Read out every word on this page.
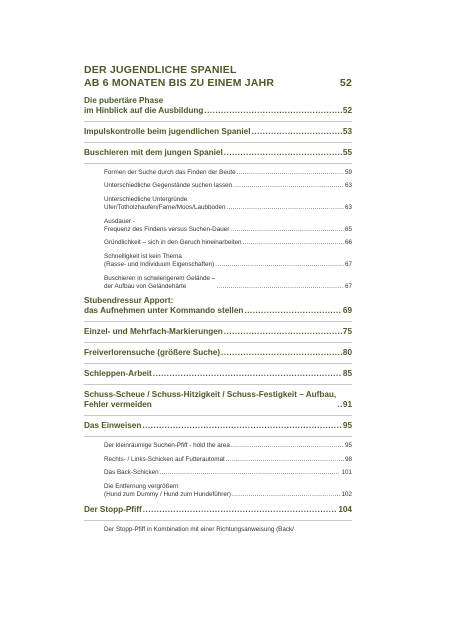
DER JUGENDLICHE SPANIEL
AB 6 MONATEN BIS ZU EINEM JAHR	52
Die pubertäre Phase
im Hinblick auf die Ausbildung .....	52
Impulskontrolle beim jugendlichen Spaniel .....	53
Buschieren mit dem jungen Spaniel .....	55
Formen der Suche durch das Finden der Beute .....	59
Unterschiedliche Gegenstände suchen lassen .....	63
Unterschiedliche Untergründe
Ufer/Totholzhaufen/Farne/Moos/Laubboden .....	63
Ausdauer -
Frequenz des Findens versus Suchen-Dauer .....	65
Gründlichkeit – sich in den Geruch hineinarbeiten .....	66
Schnelligkeit ist kein Thema
(Rasse- und Individuum Eigenschaften) .....	67
Buschieren in schwierigerem Gelände –
der Aufbau von Geländehärte .....	67
Stubendressur Apport:
das Aufnehmen unter Kommando stellen .....	69
Einzel- und Mehrfach-Markierungen .....	75
Freiverlorensuche (größere Suche) .....	80
Schleppen-Arbeit .....	85
Schuss-Scheue / Schuss-Hitzigkeit / Schuss-Festigkeit – Aufbau,
Fehler vermeiden .....	91
Das Einweisen .....	95
Der kleinräumige Suchen-Pfiff - hold the area .....	95
Rechts- / Links-Schicken auf Futterautomat .....	98
Das Back-Schicken .....	101
Die Entfernung vergrößern
(Hund zum Dummy / Hund zum Hundeführer) .....	102
Der Stopp-Pfiff .....	104
Der Stopp-Pfiff in Kombination mit einer Richtungsanweisung (Back/
